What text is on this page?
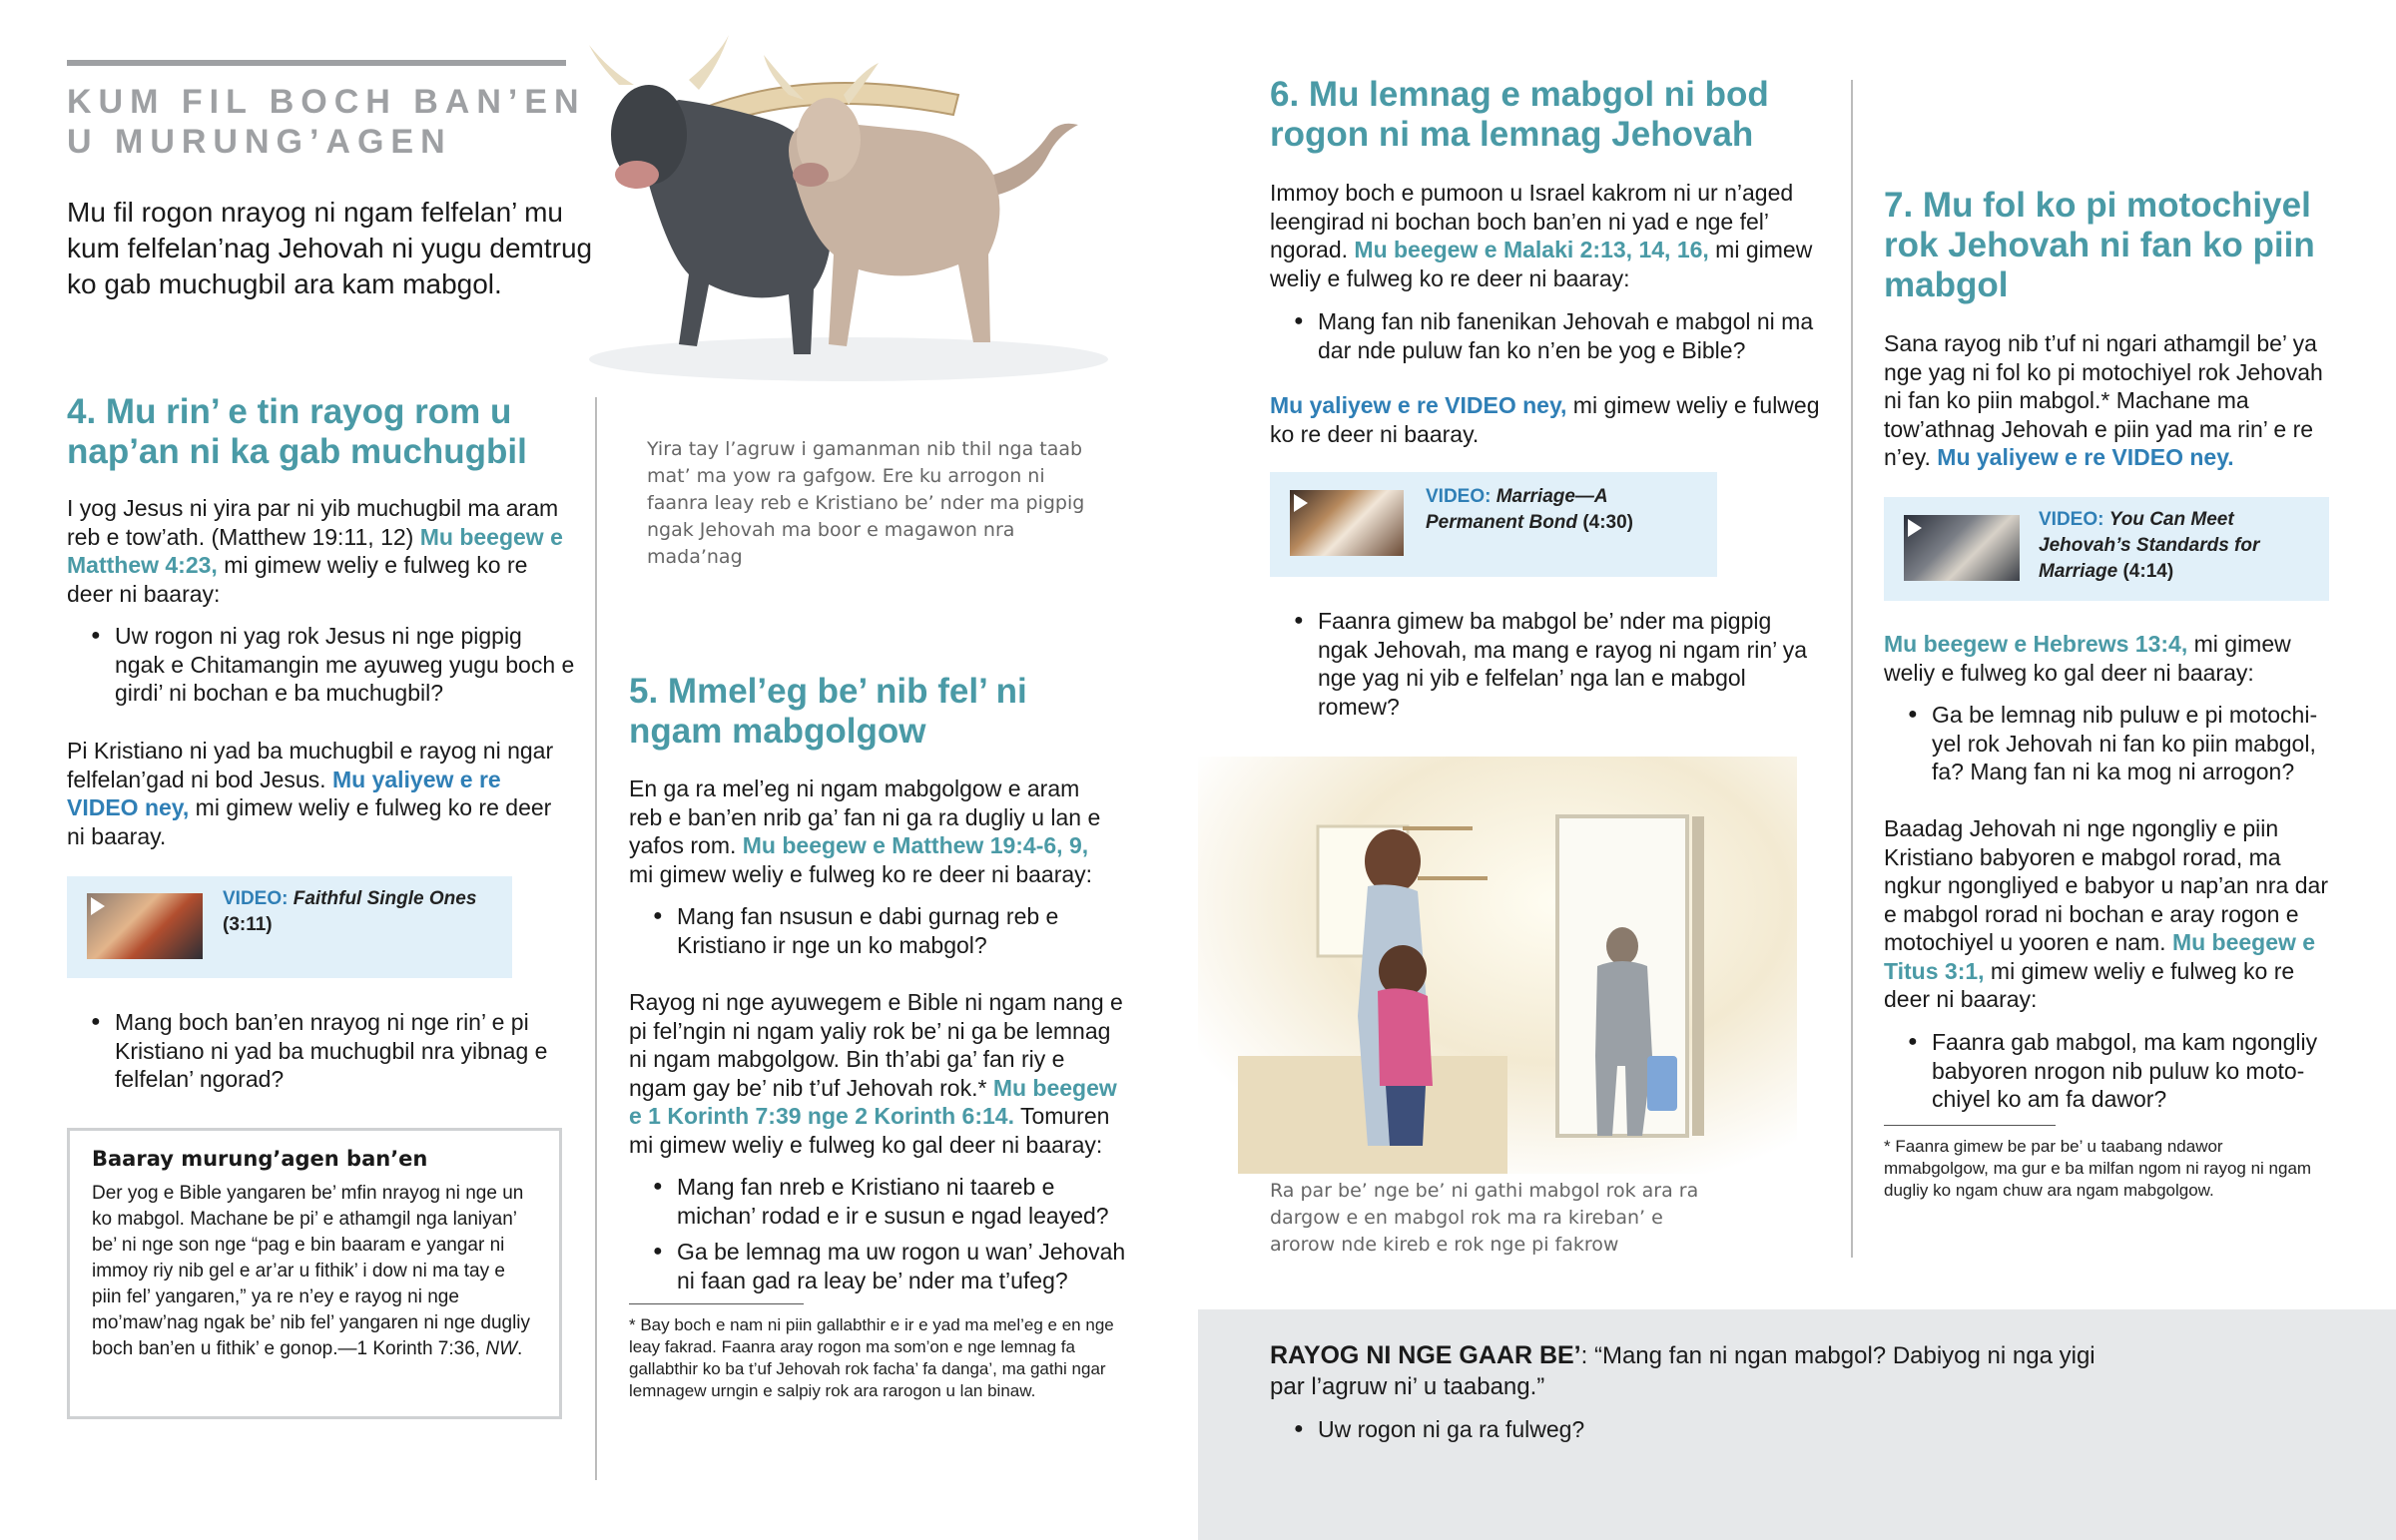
KUM FIL BOCH BAN’EN
U MURUNG’AGEN

Mu fil rogon nrayog ni ngam felfelan’ mu kum felfelan’nag Jehovah ni yugu demtrug ko gab muchugbil ara kam mabgol.

4. Mu rin’ e tin rayog rom u nap’an ni ka gab muchugbil

I yog Jesus ni yira par ni yib muchugbil ma aram reb e tow’ath. (Matthew 19:11, 12) Mu beegew e Matthew 4:23, mi gimew weliy e fulweg ko re deer ni baaray:

● Uw rogon ni yag rok Jesus ni nge pigpig ngak e Chitamangin me ayuweg yugu boch e girdi’ ni bochan e ba muchugbil?

Pi Kristiano ni yad ba muchugbil e rayog ni ngar felfelan’gad ni bod Jesus. Mu yaliyew e re VIDEO ney, mi gimew weliy e fulweg ko re deer ni baaray.

VIDEO: Faithful Single Ones
(3:11)
● Mang boch ban’en nrayog ni nge rin’ e pi Kristiano ni yad ba muchugbil nra yibnag e felfelan’ ngorad?
Baaray murung’agen ban’en

Der yog e Bible yangaren be’ mfin nrayog ni nge un ko mabgol. Machane be pi’ e athamgil nga laniyan’ be’ ni nge son nge “pag e bin baaram e yangar ni immoy riy nib gel e ar’ar u fithik’ i dow ni ma tay e piin fel’ yangaren,” ya re n’ey e rayog ni nge mo’maw’nag ngak be’ nib fel’ yangaren ni nge dugliy boch ban’en u fithik’ e gonop.—1 Korinth 7:36, NW.

Yira tay l’agruw i gamanman nib thil nga taab mat’ ma yow ra gafgow. Ere ku arrogon ni faanra leay reb e Kristiano be’ nder ma pigpig ngak Jehovah ma boor e magawon nra mada’nag

5. Mmel’eg be’ nib fel’ ni ngam mabgolgow

En ga ra mel’eg ni ngam mabgolgow e aram reb e ban’en nrib ga’ fan ni ga ra dugliy u lan e yafos rom. Mu beegew e Matthew 19:4-6, 9, mi gimew weliy e fulweg ko re deer ni baaray:

● Mang fan nsusun e dabi gurnag reb e Kristiano ir nge un ko mabgol?

Rayog ni nge ayuwegem e Bible ni ngam nang e pi fel’ngin ni ngam yaliy rok be’ ni ga be lemnag ni ngam mabgolgow. Bin th’abi ga’ fan riy e ngam gay be’ nib t’uf Jehovah rok.* Mu beegew e 1 Korinth 7:39 nge 2 Korinth 6:14. Tomuren mi gimew weliy e fulweg ko gal deer ni baaray:

● Mang fan nreb e Kristiano ni taareb e michan’ rodad e ir e susun e ngad leayed?
● Ga be lemnag ma uw rogon u wan’ Jehovah ni faan gad ra leay be’ nder ma t’ufeg?

* Bay boch e nam ni piin gallabthir e ir e yad ma mel’eg e en nge leay fakrad. Faanra aray rogon ma som’on e nge lemnag fa gallabthir ko ba t’uf Jehovah rok facha’ fa danga’, ma gathi ngar lemnagew urngin e salpiy rok ara rarogon u lan binaw.

6. Mu lemnag e mabgol ni bod rogon ni ma lemnag Jehovah

Immoy boch e pumoon u Israel kakrom ni ur n’aged leengirad ni bochan boch ban’en ni yad e nge fel’ ngorad. Mu beegew e Malaki 2:13, 14, 16, mi gimew weliy e fulweg ko re deer ni baaray:

● Mang fan nib fanenikan Jehovah e mabgol ni ma dar nde puluw fan ko n’en be yog e Bible?

Mu yaliyew e re VIDEO ney, mi gimew weliy e fulweg ko re deer ni baaray.

VIDEO: Marriage—A Permanent Bond (4:30)
● Faanra gimew ba mabgol be’ nder ma pigpig ngak Jehovah, ma mang e rayog ni ngam rin’ ya nge yag ni yib e felfelan’ nga lan e mabgol romew?

Ra par be’ nge be’ ni gathi mabgol rok ara ra dargow e en mabgol rok ma ra kireban’ e arorow nde kireb e rok nge pi fakrow

7. Mu fol ko pi motochiyel rok Jehovah ni fan ko piin mabgol

Sana rayog nib t’uf ni ngari athamgil be’ ya nge yag ni fol ko pi motochiyel rok Jehovah ni fan ko piin mabgol.* Machane ma tow’athnag Jehovah e piin yad ma rin’ e re n’ey. Mu yaliyew e re VIDEO ney.

VIDEO: You Can Meet Jehovah’s Standards for Marriage (4:14)

Mu beegew e Hebrews 13:4, mi gimew weliy e fulweg ko gal deer ni baaray:

● Ga be lemnag nib puluw e pi motochi-yel rok Jehovah ni fan ko piin mabgol, fa? Mang fan ni ka mog ni arrogon?

Baadag Jehovah ni nge ngongliy e piin Kristiano babyoren e mabgol rorad, ma ngkur ngongliyed e babyor u nap’an nra dar e mabgol rorad ni bochan e aray rogon e motochiyel u yooren e nam. Mu beegew e Titus 3:1, mi gimew weliy e fulweg ko re deer ni baaray:

● Faanra gab mabgol, ma kam ngongliy babyoren nrogon nib puluw ko moto-chiyel ko am fa dawor?

* Faanra gimew be par be’ u taabang ndawor mmabgolgow, ma gur e ba milfan ngom ni rayog ni ngam dugliy ko ngam chuw ara ngam mabgolgow.

RAYOG NI NGE GAAR BE’: “Mang fan ni ngan mabgol? Dabiyog ni nga yigi par l’agruw ni’ u taabang.”

● Uw rogon ni ga ra fulweg?
